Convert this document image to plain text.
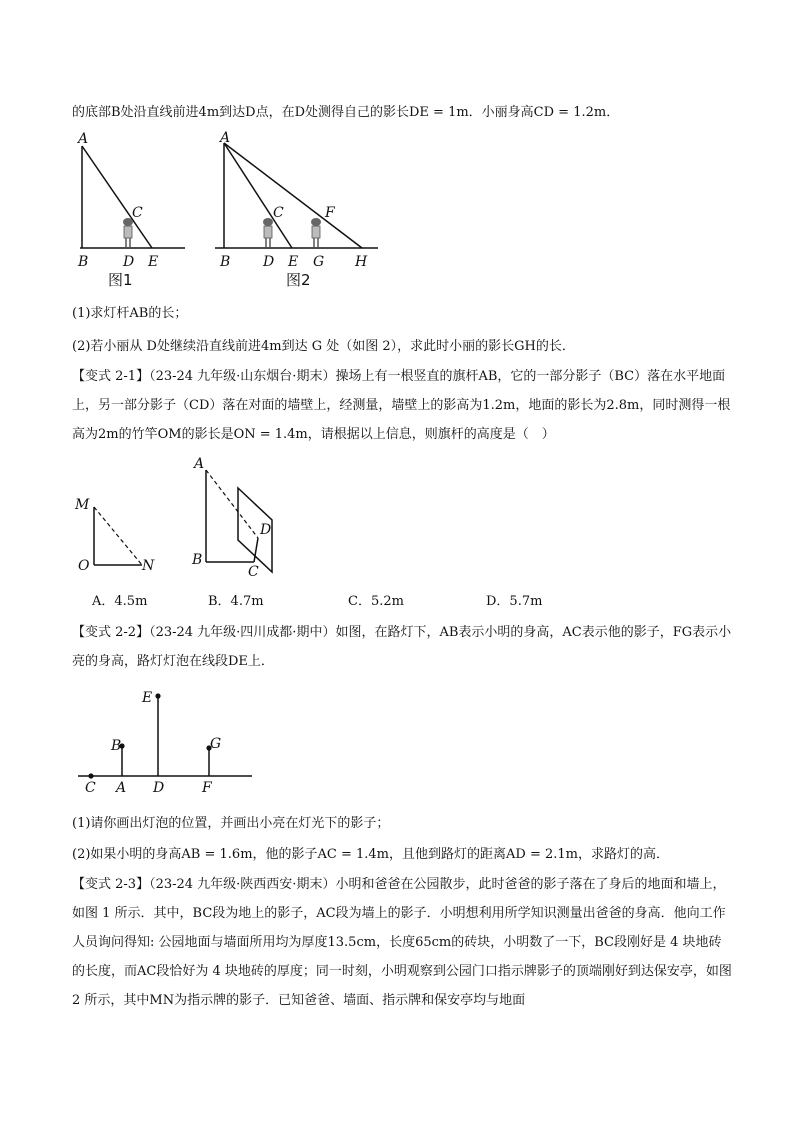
的底部B处沿直线前进4m到达D点，在D处测得自己的影长DE = 1m．小丽身高CD = 1.2m．
A
C
B D E
图1
A
C	F
B D E G H
图2
(1)求灯杆AB的长；
(2)若小丽从 D处继续沿直线前进4m到达 G 处（如图 2），求此时小丽的影长GH的长．
【变式 2-1】（23-24 九年级·山东烟台·期末）操场上有一根竖直的旗杆AB，它的一部分影子（BC）落在水平地面上，另一部分影子（CD）落在对面的墙壁上，经测量，墙壁上的影高为1.2m，地面的影长为2.8m，同时测得一根高为2m的竹竿OM的影长是ON = 1.4m，请根据以上信息，则旗杆的高度是（　）
M
O	N
A
B
C
D
A．4.5m	B．4.7m	C．5.2m	D．5.7m
【变式 2-2】（23-24 九年级·四川成都·期中）如图，在路灯下，AB表示小明的身高，AC表示他的影子，FG表示小亮的身高，路灯灯泡在线段DE上．
E
B	G
C A D	F
(1)请你画出灯泡的位置，并画出小亮在灯光下的影子；
(2)如果小明的身高AB = 1.6m，他的影子AC = 1.4m，且他到路灯的距离AD = 2.1m，求路灯的高．
【变式 2-3】（23-24 九年级·陕西西安·期末）小明和爸爸在公园散步，此时爸爸的影子落在了身后的地面和墙上，如图 1 所示．其中，BC段为地上的影子，AC段为墙上的影子．小明想利用所学知识测量出爸爸的身高．他向工作人员询问得知: 公园地面与墙面所用均为厚度13.5cm，长度65cm的砖块，小明数了一下，BC段刚好是 4 块地砖的长度，而AC段恰好为 4 块地砖的厚度；同一时刻，小明观察到公园门口指示牌影子的顶端刚好到达保安亭，如图 2 所示，其中MN为指示牌的影子．已知爸爸、墙面、指示牌和保安亭均与地面
